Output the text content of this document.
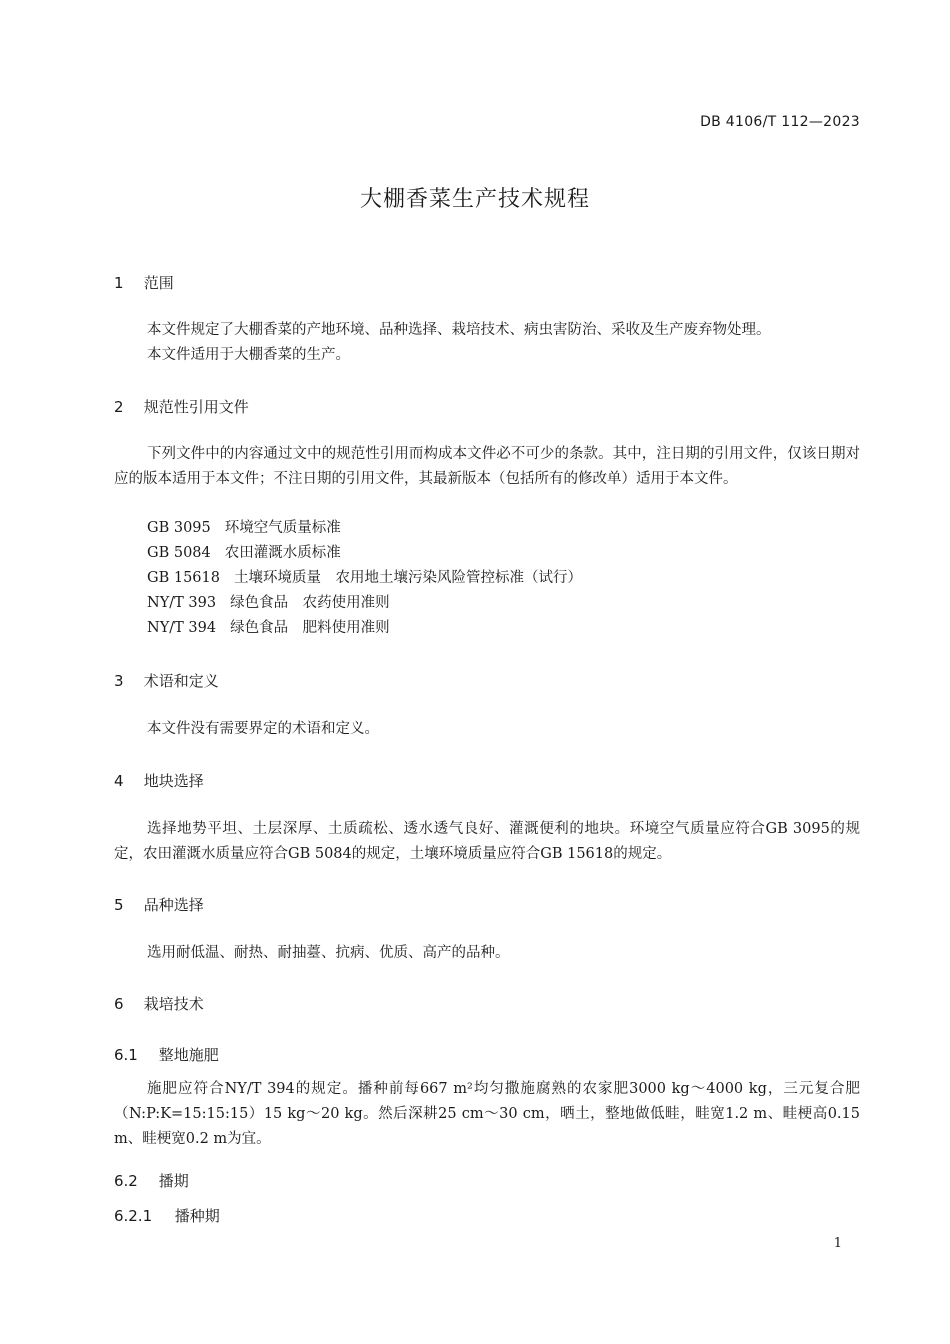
DB 4106/T 112—2023
大棚香菜生产技术规程
1 范围
本文件规定了大棚香菜的产地环境、品种选择、栽培技术、病虫害防治、采收及生产废弃物处理。
本文件适用于大棚香菜的生产。
2 规范性引用文件
下列文件中的内容通过文中的规范性引用而构成本文件必不可少的条款。其中，注日期的引用文件，仅该日期对应的版本适用于本文件；不注日期的引用文件，其最新版本（包括所有的修改单）适用于本文件。
GB 3095 环境空气质量标准
GB 5084 农田灌溉水质标准
GB 15618 土壤环境质量　农用地土壤污染风险管控标准（试行）
NY/T 393 绿色食品　农药使用准则
NY/T 394 绿色食品　肥料使用准则
3 术语和定义
本文件没有需要界定的术语和定义。
4 地块选择
选择地势平坦、土层深厚、土质疏松、透水透气良好、灌溉便利的地块。环境空气质量应符合GB 3095的规定，农田灌溉水质量应符合GB 5084的规定，土壤环境质量应符合GB 15618的规定。
5 品种选择
选用耐低温、耐热、耐抽薹、抗病、优质、高产的品种。
6 栽培技术
6.1 整地施肥
施肥应符合NY/T 394的规定。播种前每667 m²均匀撒施腐熟的农家肥3000 kg～4000 kg，三元复合肥（N:P:K=15:15:15）15 kg～20 kg。然后深耕25 cm～30 cm，晒土，整地做低畦，畦宽1.2 m、畦梗高0.15 m、畦梗宽0.2 m为宜。
6.2 播期
6.2.1 播种期
1
